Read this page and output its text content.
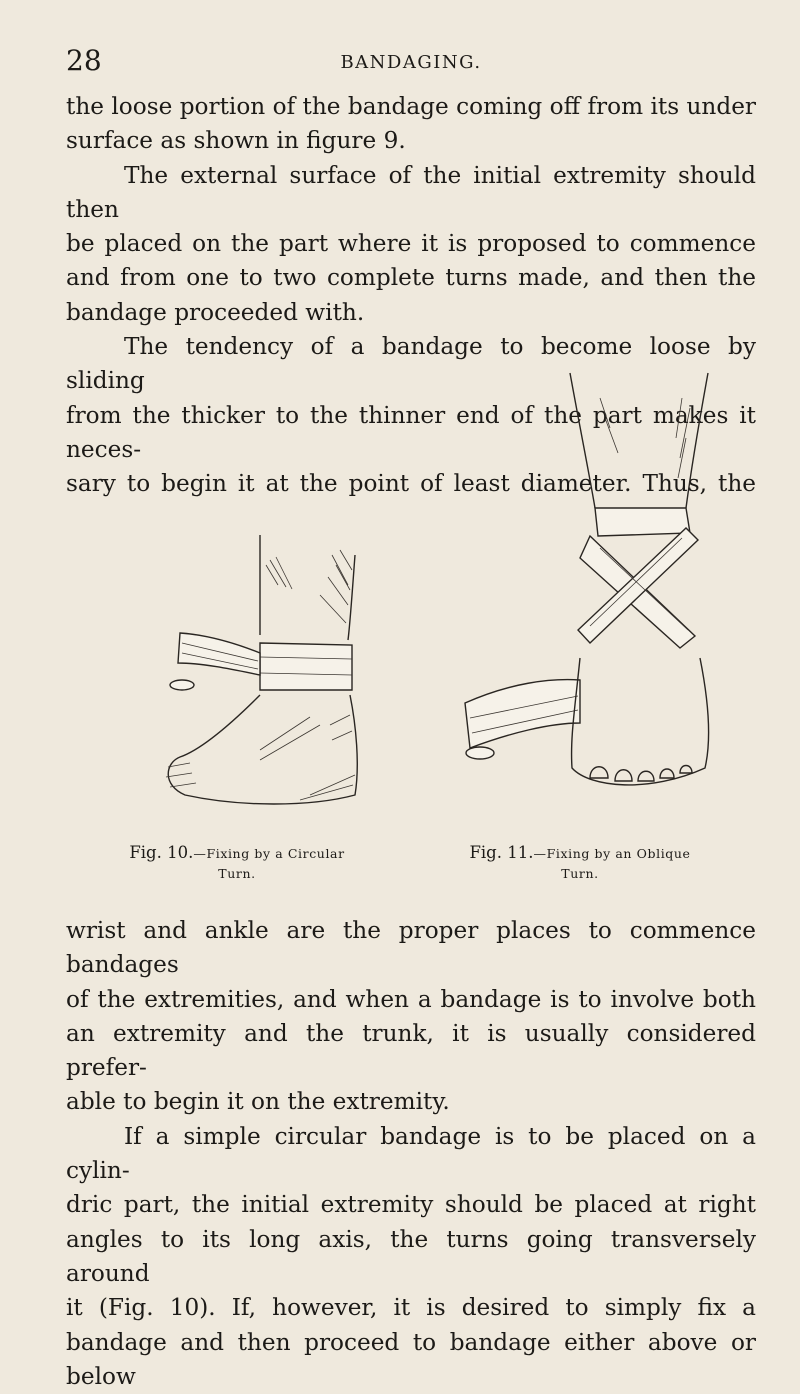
28	BANDAGING.

the loose portion of the bandage coming off from its under

surface as shown in figure 9.

The external surface of the initial extremity should then

be placed on the part where it is proposed to commence

and from one to two complete turns made, and then the

bandage proceeded with.

The tendency of a bandage to become loose by sliding

from the thicker to the thinner end of the part makes it neces-

sary to begin it at the point of least diameter. Thus, the

Fig. 10.—Fixing by a Circular
Turn.
Fig. 11.—Fixing by an Oblique
Turn.

wrist and ankle are the proper places to commence bandages

of the extremities, and when a bandage is to involve both

an extremity and the trunk, it is usually considered prefer-

able to begin it on the extremity.

If a simple circular bandage is to be placed on a cylin-

dric part, the initial extremity should be placed at right

angles to its long axis, the turns going transversely around

it (Fig. 10). If, however, it is desired to simply fix a

bandage and then proceed to bandage either above or below
